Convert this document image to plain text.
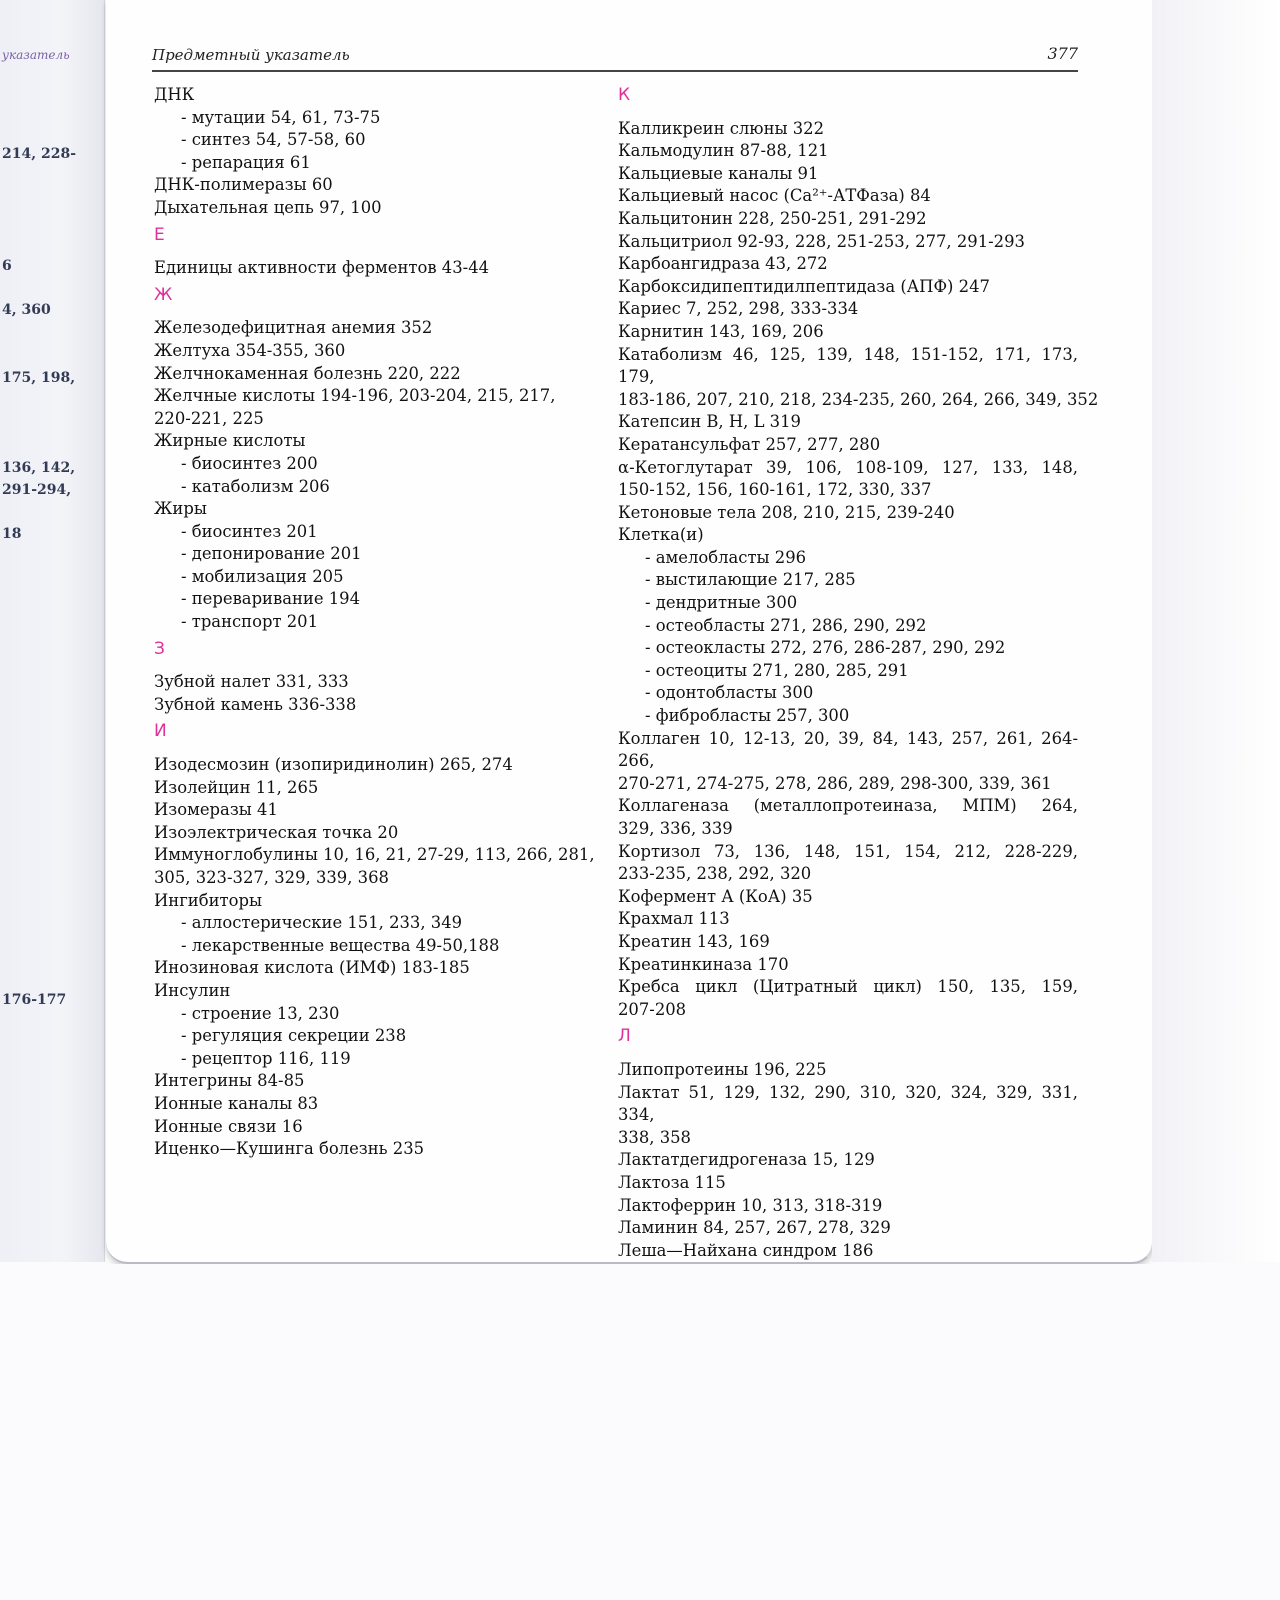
указатель
214, 228-
6
4, 360
175, 198,
136, 142,
291-294,
18
176-177
Предметный указатель	377
ДНК
- мутации 54, 61, 73-75
- синтез 54, 57-58, 60
- репарация 61
ДНК-полимеразы 60
Дыхательная цепь 97, 100
Е
Единицы активности ферментов 43-44
Ж
Железодефицитная анемия 352
Желтуха 354-355, 360
Желчнокаменная болезнь 220, 222
Желчные кислоты 194-196, 203-204, 215, 217,
220-221, 225
Жирные кислоты
- биосинтез 200
- катаболизм 206
Жиры
- биосинтез 201
- депонирование 201
- мобилизация 205
- переваривание 194
- транспорт 201
З
Зубной налет 331, 333
Зубной камень 336-338
И
Изодесмозин (изопиридинолин) 265, 274
Изолейцин 11, 265
Изомеразы 41
Изоэлектрическая точка 20
Иммуноглобулины 10, 16, 21, 27-29, 113, 266, 281,
305, 323-327, 329, 339, 368
Ингибиторы
- аллостерические 151, 233, 349
- лекарственные вещества 49-50,188
Инозиновая кислота (ИМФ) 183-185
Инсулин
- строение 13, 230
- регуляция секреции 238
- рецептор 116, 119
Интегрины 84-85
Ионные каналы 83
Ионные связи 16
Иценко—Кушинга болезнь 235
К
Калликреин слюны 322
Кальмодулин 87-88, 121
Кальциевые каналы 91
Кальциевый насос (Ca²⁺-АТФаза) 84
Кальцитонин 228, 250-251, 291-292
Кальцитриол 92-93, 228, 251-253, 277, 291-293
Карбоангидраза 43, 272
Карбоксидипептидилпептидаза (АПФ) 247
Кариес 7, 252, 298, 333-334
Карнитин 143, 169, 206
Катаболизм 46, 125, 139, 148, 151-152, 171, 173, 179,
183-186, 207, 210, 218, 234-235, 260, 264, 266, 349, 352
Катепсин B, H, L 319
Кератансульфат 257, 277, 280
α-Кетоглутарат 39, 106, 108-109, 127, 133, 148,
150-152, 156, 160-161, 172, 330, 337
Кетоновые тела 208, 210, 215, 239-240
Клетка(и)
- амелобласты 296
- выстилающие 217, 285
- дендритные 300
- остеобласты 271, 286, 290, 292
- остеокласты 272, 276, 286-287, 290, 292
- остеоциты 271, 280, 285, 291
- одонтобласты 300
- фибробласты 257, 300
Коллаген 10, 12-13, 20, 39, 84, 143, 257, 261, 264-266,
270-271, 274-275, 278, 286, 289, 298-300, 339, 361
Коллагеназа (металлопротеиназа, МПМ) 264,
329, 336, 339
Кортизол 73, 136, 148, 151, 154, 212, 228-229,
233-235, 238, 292, 320
Кофермент А (КоА) 35
Крахмал 113
Креатин 143, 169
Креатинкиназа 170
Кребса цикл (Цитратный цикл) 150, 135, 159,
207-208
Л
Липопротеины 196, 225
Лактат 51, 129, 132, 290, 310, 320, 324, 329, 331, 334,
338, 358
Лактатдегидрогеназа 15, 129
Лактоза 115
Лактоферрин 10, 313, 318-319
Ламинин 84, 257, 267, 278, 329
Леша—Найхана синдром 186
